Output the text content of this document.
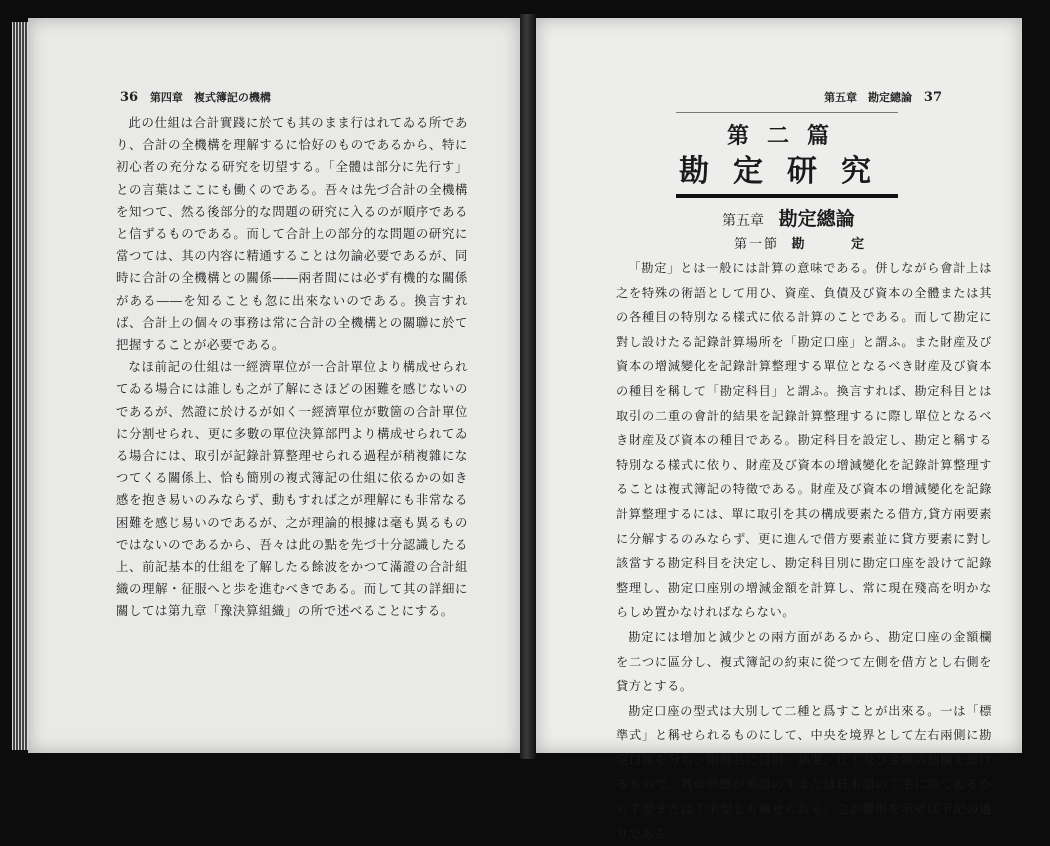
36 第四章　複式簿記の機構

此の仕組は合計實踐に於ても其のまま行はれてゐる所であり、合計の全機構を理解するに恰好のものであるから、特に初心者の充分なる研究を切望する。「全體は部分に先行す」との言葉はここにも働くのである。吾々は先づ合計の全機構を知つて、然る後部分的な問題の研究に入るのが順序であると信ずるものである。而して合計上の部分的な問題の研究に當つては、其の内容に精通することは勿論必要であるが、同時に合計の全機構との關係――兩者間には必ず有機的な關係がある――を知ることも忽に出來ないのである。換言すれば、合計上の個々の事務は常に合計の全機構との關聯に於て把握することが必要である。

なほ前記の仕組は一經濟單位が一合計單位より構成せられてゐる場合には誰しも之が了解にさほどの困難を感じないのであるが、然證に於けるが如く一經濟單位が數箇の合計單位に分割せられ、更に多數の單位決算部門より構成せられてゐる場合には、取引が記錄計算整理せられる過程が稍複雜になつてくる關係上、恰も簡別の複式簿記の仕組に依るかの如き感を抱き易いのみならず、動もすれば之が理解にも非常なる困難を感じ易いのであるが、之が理論的根據は毫も異るものではないのであるから、吾々は此の點を先づ十分認識したる上、前記基本的仕組を了解したる餘波をかつて滿證の合計組織の理解・征服へと歩を進むべきである。而して其の詳細に關しては第九章「豫決算組織」の所で述べることにする。

第五章　勘定總論 37
第二篇
勘定研究
第五章 勘定總論
第一節 勘	定

「勘定」とは一般には計算の意味である。併しながら會計上は之を特殊の術語として用ひ、資産、負債及び資本の全體または其の各種目の特別なる樣式に依る計算のことである。而して勘定に對し設けたる記錄計算場所を「勘定口座」と謂ふ。また財産及び資本の增減變化を記錄計算整理する單位となるべき財産及び資本の種目を稱して「勘定科目」と謂ふ。換言すれば、勘定科目とは取引の二重の會計的結果を記錄計算整理するに際し單位となるべき財産及び資本の種目である。勘定科目を設定し、勘定と稱する特別なる樣式に依り、財産及び資本の增減變化を記錄計算整理することは複式簿記の特徵である。財産及び資本の增減變化を記錄計算整理するには、單に取引を其の構成要素たる借方,貸方兩要素に分解するのみならず、更に進んで借方要素並に貸方要素に對し該當する勘定科目を決定し、勘定科目別に勘定口座を設けて記錄整理し、勘定口座別の增減金額を計算し、常に現在殘高を明かならしめ置かなければならない。

勘定には增加と減少との兩方面があるから、勘定口座の金額欄を二つに區分し、複式簿記の約束に從つて左側を借方とし右側を貸方とする。

勘定口座の型式は大別して二種と爲すことが出來る。一は「標準式」と稱せられるものにして、中央を境界として左右兩側に勘定口座を分ち、兩側共に日附，摘要，仕丁及び金額の諸欄を設けるもので、其の形態が英語のＴまたは日本語の丁字に似てゐるからＴ型または丁字型とも稱せられる。之が雛形を示せば下記の通りである。
